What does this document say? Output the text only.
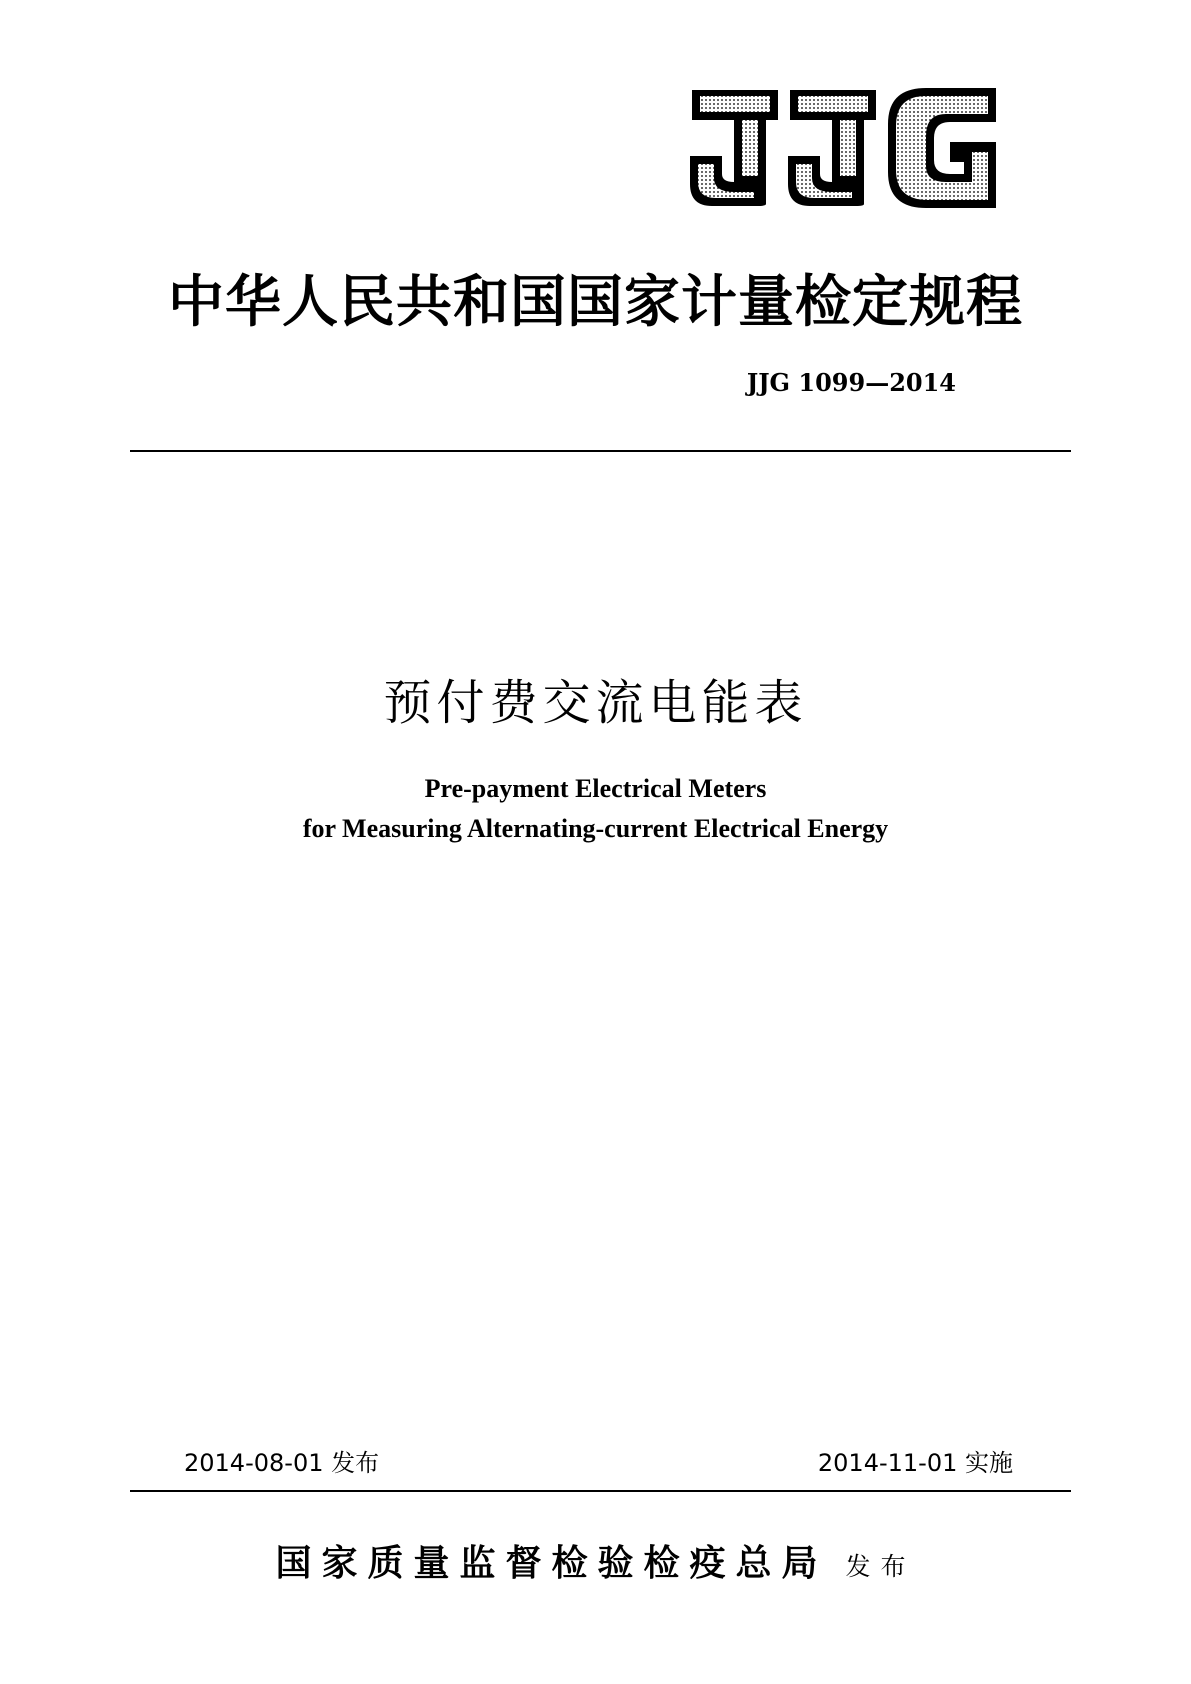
中华人民共和国国家计量检定规程
JJG 1099—2014
预付费交流电能表
Pre-payment Electrical Meters
for Measuring Alternating-current Electrical Energy
2014-08-01 发布	2014-11-01 实施
国家质量监督检验检疫总局 发布
